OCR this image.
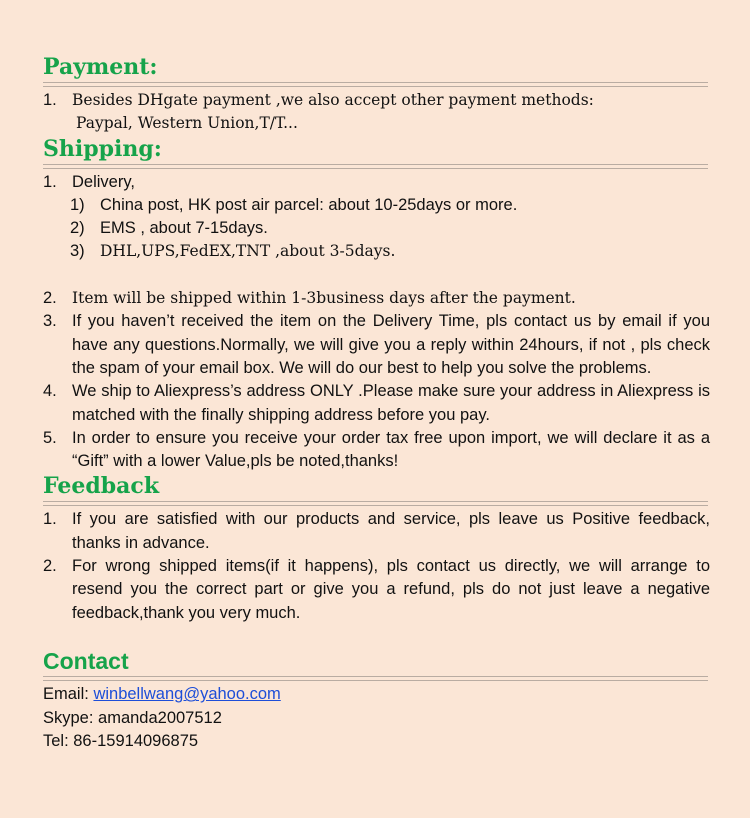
Payment:
1. Besides DHgate payment ,we also accept other payment methods:
Paypal, Western Union,T/T...
Shipping:
1. Delivery,
1) China post, HK post air parcel: about 10-25days or more.
2) EMS , about 7-15days.
3) DHL,UPS,FedEX,TNT ,about 3-5days.
2. Item will be shipped within 1-3business days after the payment.
3. If you haven’t received the item on the Delivery Time, pls contact us by email if you have any questions.Normally, we will give you a reply within 24hours, if not , pls check the spam of your email box. We will do our best to help you solve the problems.
4. We ship to Aliexpress’s address ONLY .Please make sure your address in Aliexpress is matched with the finally shipping address before you pay.
5. In order to ensure you receive your order tax free upon import, we will declare it as a “Gift” with a lower Value,pls be noted,thanks!
Feedback
1. If you are satisfied with our products and service, pls leave us Positive feedback, thanks in advance.
2. For wrong shipped items(if it happens), pls contact us directly, we will arrange to resend you the correct part or give you a refund, pls do not just leave a negative feedback,thank you very much.
Contact
Email: winbellwang@yahoo.com
Skype: amanda2007512
Tel: 86-15914096875
